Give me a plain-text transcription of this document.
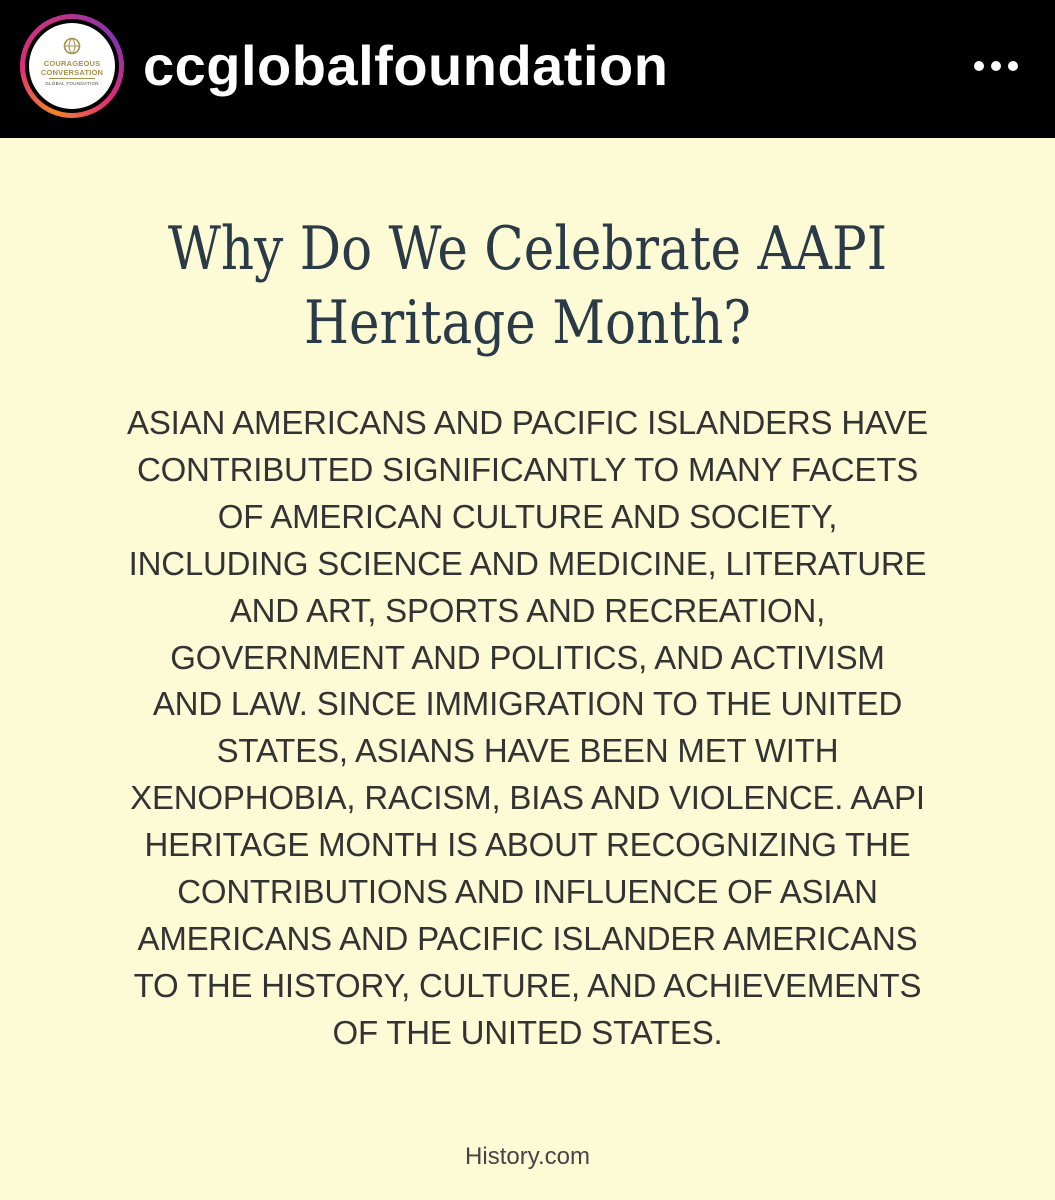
COURAGEOUS
CONVERSATION
GLOBAL FOUNDATION ccglobalfoundation
Why Do We Celebrate AAPI
Heritage Month?
ASIAN AMERICANS AND PACIFIC ISLANDERS HAVE
CONTRIBUTED SIGNIFICANTLY TO MANY FACETS
OF AMERICAN CULTURE AND SOCIETY,
INCLUDING SCIENCE AND MEDICINE, LITERATURE
AND ART, SPORTS AND RECREATION,
GOVERNMENT AND POLITICS, AND ACTIVISM
AND LAW. SINCE IMMIGRATION TO THE UNITED
STATES, ASIANS HAVE BEEN MET WITH
XENOPHOBIA, RACISM, BIAS AND VIOLENCE. AAPI
HERITAGE MONTH IS ABOUT RECOGNIZING THE
CONTRIBUTIONS AND INFLUENCE OF ASIAN
AMERICANS AND PACIFIC ISLANDER AMERICANS
TO THE HISTORY, CULTURE, AND ACHIEVEMENTS
OF THE UNITED STATES.
History.com
